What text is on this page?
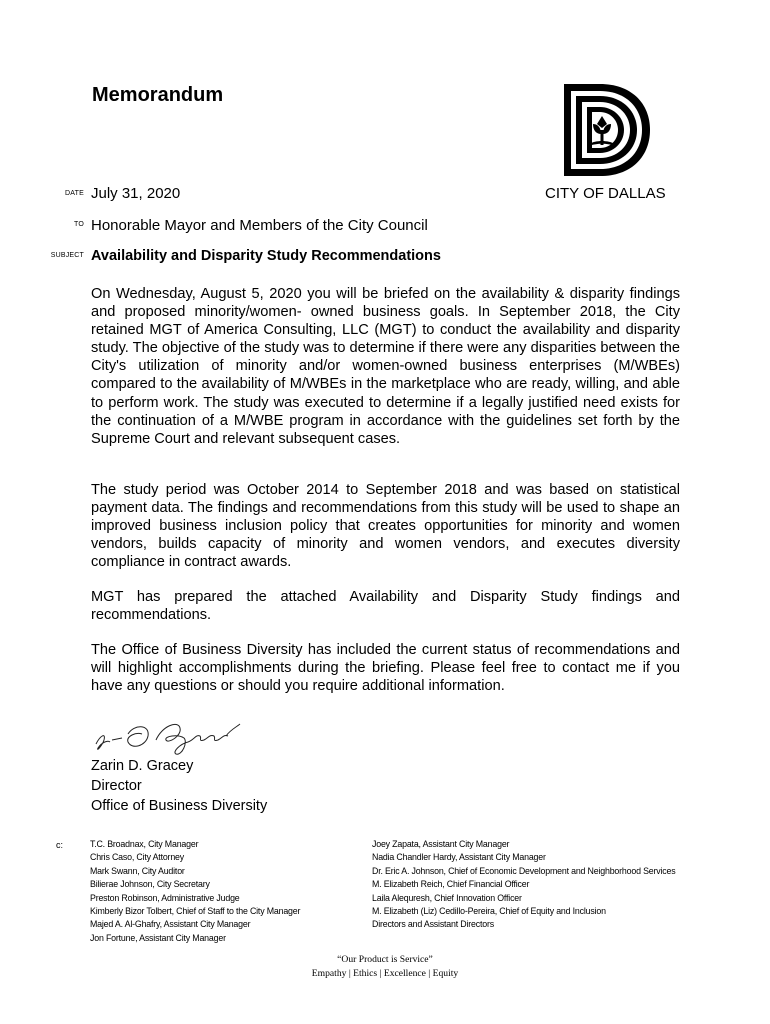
Memorandum
DATE July 31, 2020	CITY OF DALLAS
TO Honorable Mayor and Members of the City Council
SUBJECT Availability and Disparity Study Recommendations

On Wednesday, August 5, 2020 you will be briefed on the availability & disparity findings and proposed minority/women- owned business goals. In September 2018, the City retained MGT of America Consulting, LLC (MGT) to conduct the availability and disparity study. The objective of the study was to determine if there were any disparities between the City's utilization of minority and/or women-owned business enterprises (M/WBEs) compared to the availability of M/WBEs in the marketplace who are ready, willing, and able to perform work. The study was executed to determine if a legally justified need exists for the continuation of a M/WBE program in accordance with the guidelines set forth by the Supreme Court and relevant subsequent cases.

The study period was October 2014 to September 2018 and was based on statistical payment data. The findings and recommendations from this study will be used to shape an improved business inclusion policy that creates opportunities for minority and women vendors, builds capacity of minority and women vendors, and executes diversity compliance in contract awards.

MGT has prepared the attached Availability and Disparity Study findings and recommendations.

The Office of Business Diversity has included the current status of recommendations and will highlight accomplishments during the briefing. Please feel free to contact me if you have any questions or should you require additional information.

Zarin D. Gracey
Director
Office of Business Diversity
c:	T.C. Broadnax, City Manager
Chris Caso, City Attorney
Mark Swann, City Auditor
Bilierae Johnson, City Secretary
Preston Robinson, Administrative Judge
Kimberly Bizor Tolbert, Chief of Staff to the City Manager
Majed A. Al-Ghafry, Assistant City Manager
Jon Fortune, Assistant City Manager
Joey Zapata, Assistant City Manager
Nadia Chandler Hardy, Assistant City Manager
Dr. Eric A. Johnson, Chief of Economic Development and Neighborhood Services
M. Elizabeth Reich, Chief Financial Officer
Laila Alequresh, Chief Innovation Officer
M. Elizabeth (Liz) Cedillo-Pereira, Chief of Equity and Inclusion
Directors and Assistant Directors
“Our Product is Service”
Empathy | Ethics | Excellence | Equity
